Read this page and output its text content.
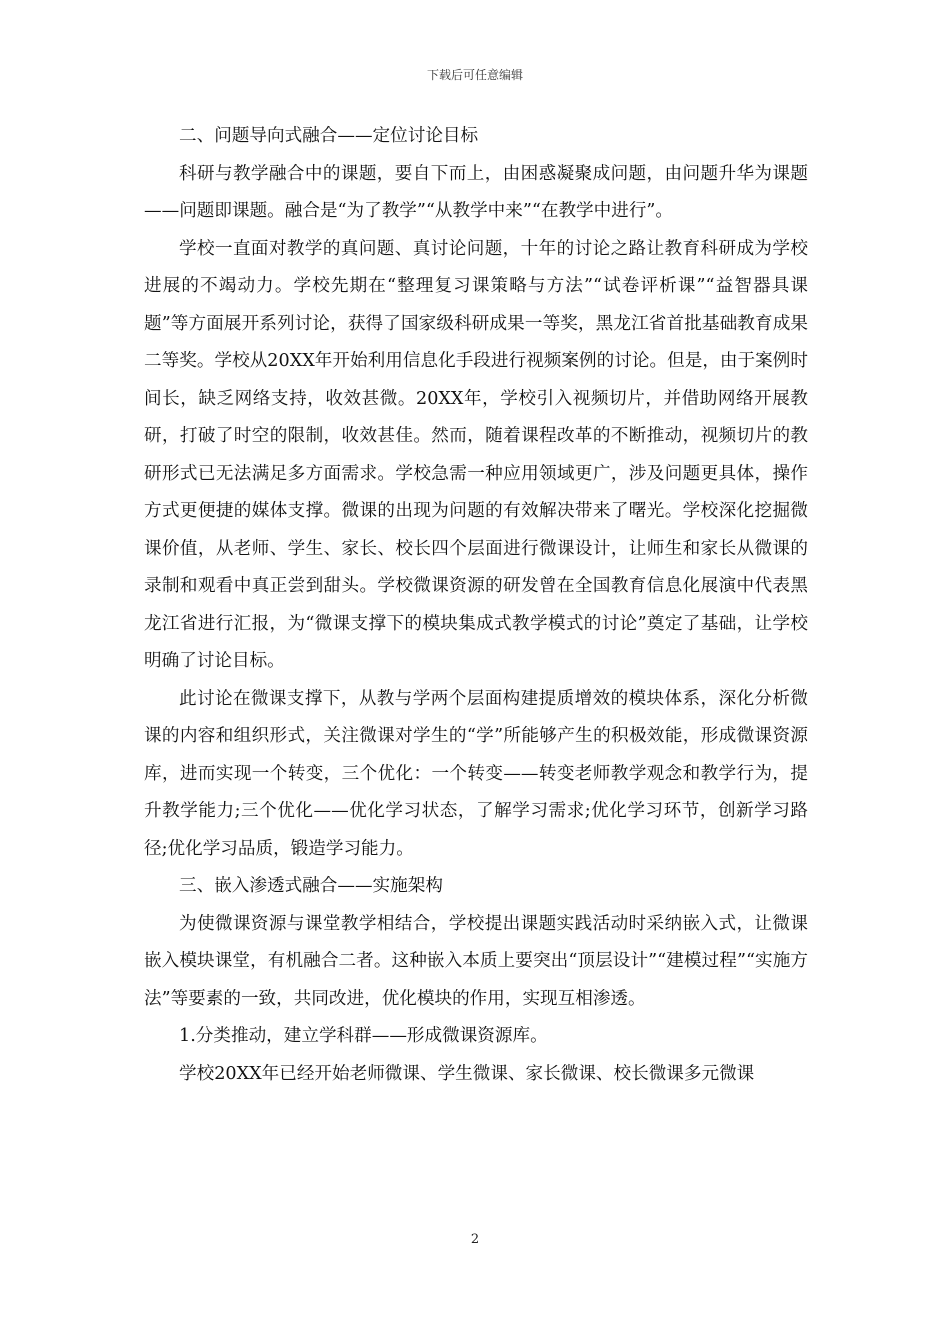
下载后可任意编辑

二、问题导向式融合——定位讨论目标

科研与教学融合中的课题，要自下而上，由困惑凝聚成问题，由问题升华为课题——问题即课题。融合是“为了教学”“从教学中来”“在教学中进行”。

学校一直面对教学的真问题、真讨论问题，十年的讨论之路让教育科研成为学校进展的不竭动力。学校先期在“整理复习课策略与方法”“试卷评析课”“益智器具课题”等方面展开系列讨论，获得了国家级科研成果一等奖，黑龙江省首批基础教育成果二等奖。学校从20XX年开始利用信息化手段进行视频案例的讨论。但是，由于案例时间长，缺乏网络支持，收效甚微。20XX年，学校引入视频切片，并借助网络开展教研，打破了时空的限制，收效甚佳。然而，随着课程改革的不断推动，视频切片的教研形式已无法满足多方面需求。学校急需一种应用领域更广，涉及问题更具体，操作方式更便捷的媒体支撑。微课的出现为问题的有效解决带来了曙光。学校深化挖掘微课价值，从老师、学生、家长、校长四个层面进行微课设计，让师生和家长从微课的录制和观看中真正尝到甜头。学校微课资源的研发曾在全国教育信息化展演中代表黑龙江省进行汇报，为“微课支撑下的模块集成式教学模式的讨论”奠定了基础，让学校明确了讨论目标。

此讨论在微课支撑下，从教与学两个层面构建提质增效的模块体系，深化分析微课的内容和组织形式，关注微课对学生的“学”所能够产生的积极效能，形成微课资源库，进而实现一个转变，三个优化：一个转变——转变老师教学观念和教学行为，提升教学能力;三个优化——优化学习状态，了解学习需求;优化学习环节，创新学习路径;优化学习品质，锻造学习能力。

三、嵌入渗透式融合——实施架构

为使微课资源与课堂教学相结合，学校提出课题实践活动时采纳嵌入式，让微课嵌入模块课堂，有机融合二者。这种嵌入本质上要突出“顶层设计”“建模过程”“实施方法”等要素的一致，共同改进，优化模块的作用，实现互相渗透。

1.分类推动，建立学科群——形成微课资源库。

学校20XX年已经开始老师微课、学生微课、家长微课、校长微课多元微课

2
